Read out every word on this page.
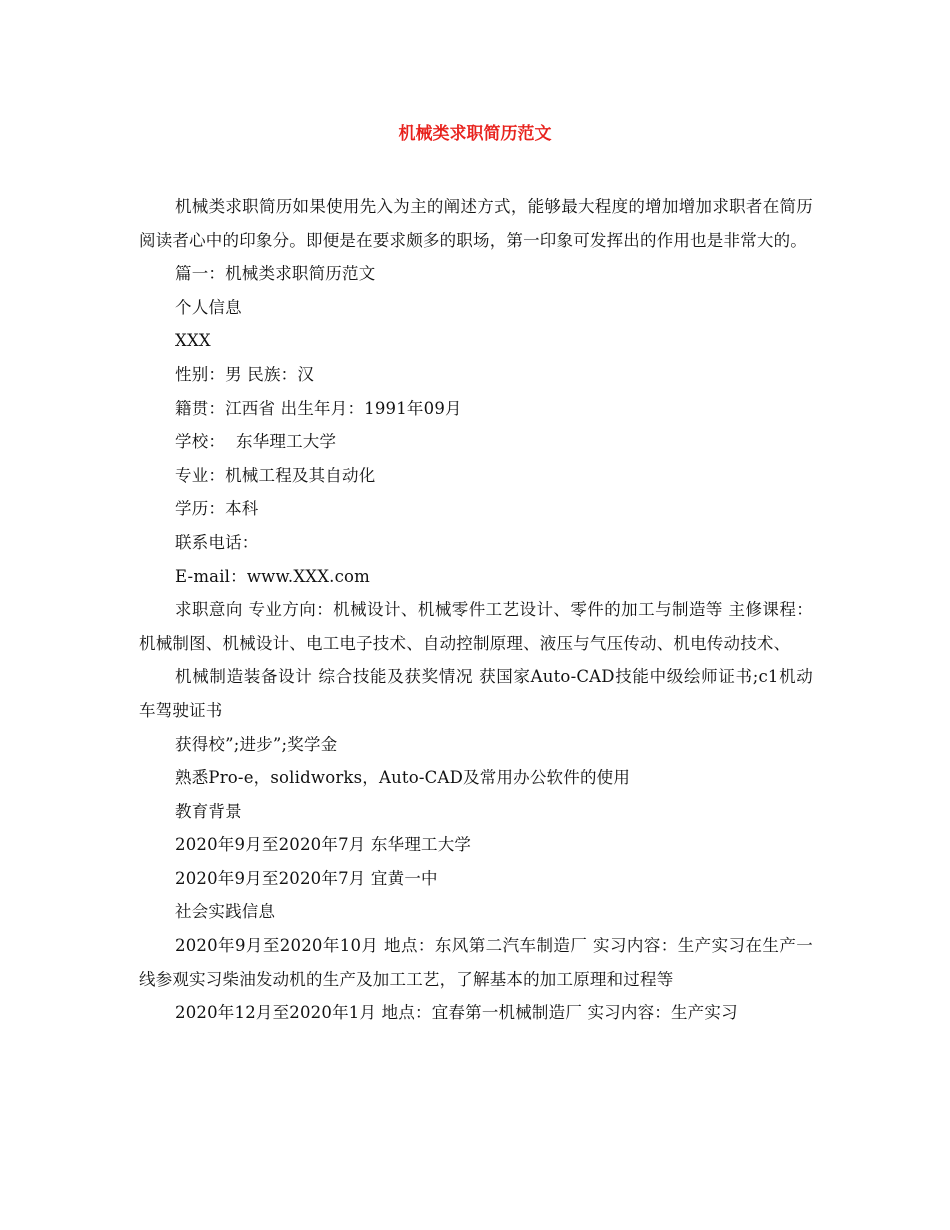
机械类求职简历范文

机械类求职简历如果使用先入为主的阐述方式，能够最大程度的增加增加求职者在简历阅读者心中的印象分。即便是在要求颇多的职场，第一印象可发挥出的作用也是非常大的。

篇一：机械类求职简历范文

个人信息

XXX

性别：男 民族：汉

籍贯：江西省 出生年月：1991年09月

学校：  东华理工大学

专业：机械工程及其自动化

学历：本科

联系电话：

E-mail：www.XXX.com

求职意向 专业方向：机械设计、机械零件工艺设计、零件的加工与制造等 主修课程：机械制图、机械设计、电工电子技术、自动控制原理、液压与气压传动、机电传动技术、

机械制造装备设计 综合技能及获奖情况 获国家Auto-CAD技能中级绘师证书;c1机动车驾驶证书

获得校”;进步”;奖学金

熟悉Pro-e，solidworks，Auto-CAD及常用办公软件的使用

教育背景

2020年9月至2020年7月 东华理工大学

2020年9月至2020年7月 宜黄一中

社会实践信息

2020年9月至2020年10月 地点：东风第二汽车制造厂 实习内容：生产实习在生产一线参观实习柴油发动机的生产及加工工艺，了解基本的加工原理和过程等

2020年12月至2020年1月 地点：宜春第一机械制造厂 实习内容：生产实习
